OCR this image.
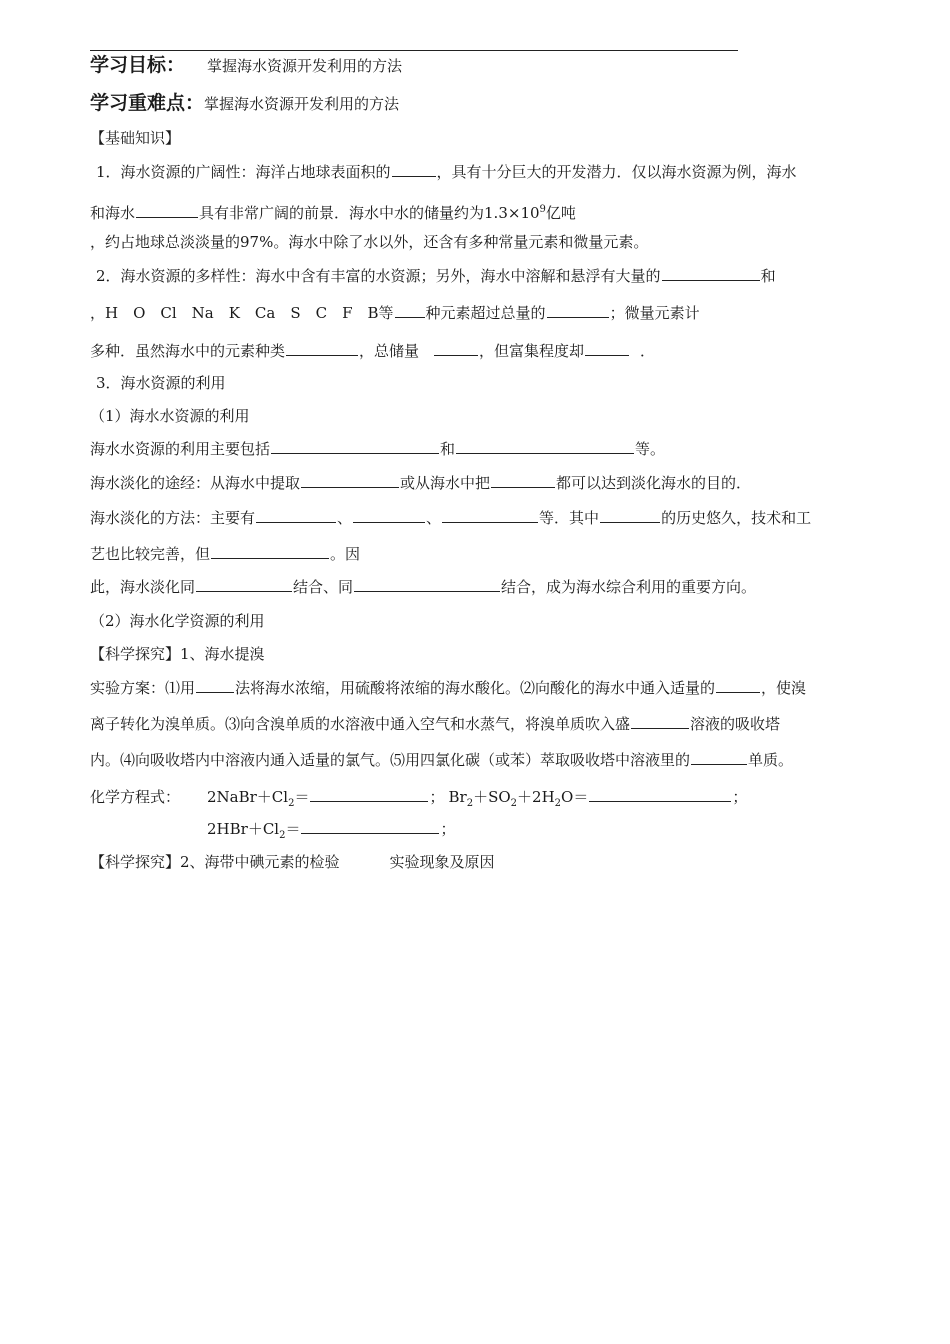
学习目标： 掌握海水资源开发利用的方法
学习重难点：掌握海水资源开发利用的方法
【基础知识】
1．海水资源的广阔性：海洋占地球表面积的	，具有十分巨大的开发潜力．仅以海水资源为例，海水
和海水	具有非常广阔的前景．海水中水的储量约为$1.3\times 10^9$亿吨
，约占地球总淡淡量的97%。海水中除了水以外，还含有多种常量元素和微量元素。
2．海水资源的多样性：海水中含有丰富的水资源；另外，海水中溶解和悬浮有大量的	和
，H　O　Cl　Na　K　Ca　S　C　F　B等 种元素超过总量的	；微量元素计
多种．虽然海水中的元素种类	，总储量	，但富集程度却	．
3．海水资源的利用
（1）海水水资源的利用
海水水资源的利用主要包括	和	等。
海水淡化的途经：从海水中提取	或从海水中把	都可以达到淡化海水的目的．
海水淡化的方法：主要有	、	、	等．其中	的历史悠久，技术和工
艺也比较完善，但	。因
此，海水淡化同	结合、同	结合，成为海水综合利用的重要方向。
（2）海水化学资源的利用
【科学探究】1、海水提溴
实验方案：⑴用	法将海水浓缩，用硫酸将浓缩的海水酸化。⑵向酸化的海水中通入适量的	，使溴
离子转化为溴单质。⑶向含溴单质的水溶液中通入空气和水蒸气，将溴单质吹入盛	溶液的吸收塔
内。⑷向吸收塔内中溶液内通入适量的氯气。⑸用四氯化碳（或苯）萃取吸收塔中溶液里的	单质。
化学方程式： $2NaBr+Cl_2=$	； $Br_2+SO_2+2H_2O=$	；
$2HBr+Cl_2=$	；
【科学探究】2、海带中碘元素的检验	实验现象及原因
